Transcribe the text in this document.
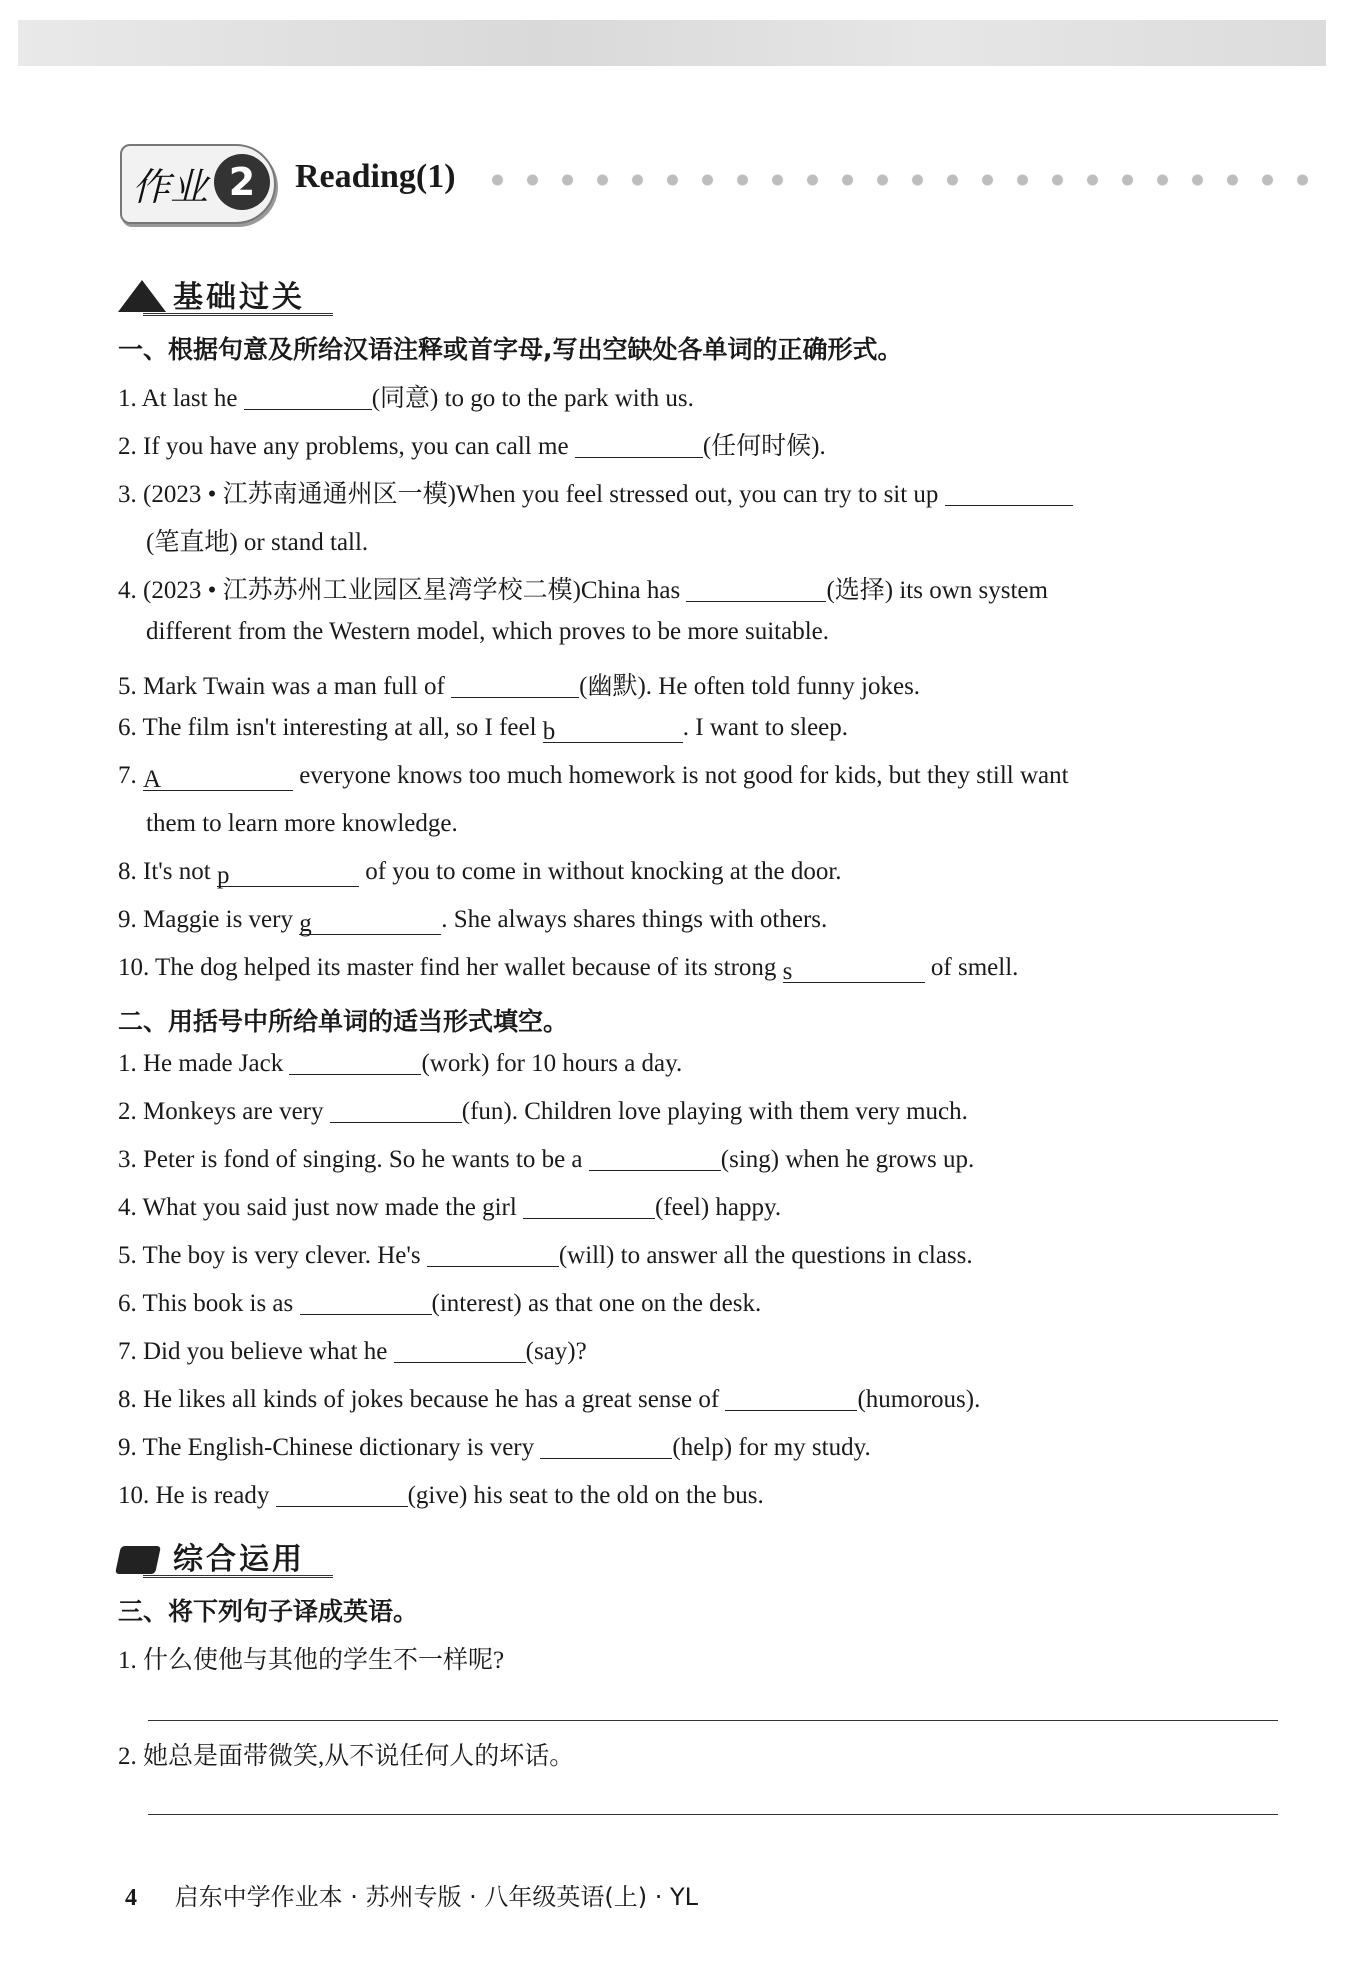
作业 2	Reading(1)
基础过关
一、根据句意及所给汉语注释或首字母,写出空缺处各单词的正确形式。
1. At last he	(同意) to go to the park with us.
2. If you have any problems, you can call me	(任何时候).
3. (2023 • 江苏南通通州区一模)When you feel stressed out, you can try to sit up
(笔直地) or stand tall.
4. (2023 • 江苏苏州工业园区星湾学校二模)China has	(选择) its own system
different from the Western model, which proves to be more suitable.
5. Mark Twain was a man full of	(幽默). He often told funny jokes.
6. The film isn't interesting at all, so I feel b	. I want to sleep.
7. A	everyone knows too much homework is not good for kids, but they still want
them to learn more knowledge.
8. It's not p	of you to come in without knocking at the door.
9. Maggie is very g	. She always shares things with others.
10. The dog helped its master find her wallet because of its strong s	of smell.
二、用括号中所给单词的适当形式填空。
1. He made Jack	(work) for 10 hours a day.
2. Monkeys are very	(fun). Children love playing with them very much.
3. Peter is fond of singing. So he wants to be a	(sing) when he grows up.
4. What you said just now made the girl	(feel) happy.
5. The boy is very clever. He's	(will) to answer all the questions in class.
6. This book is as	(interest) as that one on the desk.
7. Did you believe what he	(say)?
8. He likes all kinds of jokes because he has a great sense of	(humorous).
9. The English-Chinese dictionary is very	(help) for my study.
10. He is ready	(give) his seat to the old on the bus.
综合运用
三、将下列句子译成英语。
1. 什么使他与其他的学生不一样呢?
2. 她总是面带微笑,从不说任何人的坏话。
4 启东中学作业本 · 苏州专版 · 八年级英语(上) · YL
